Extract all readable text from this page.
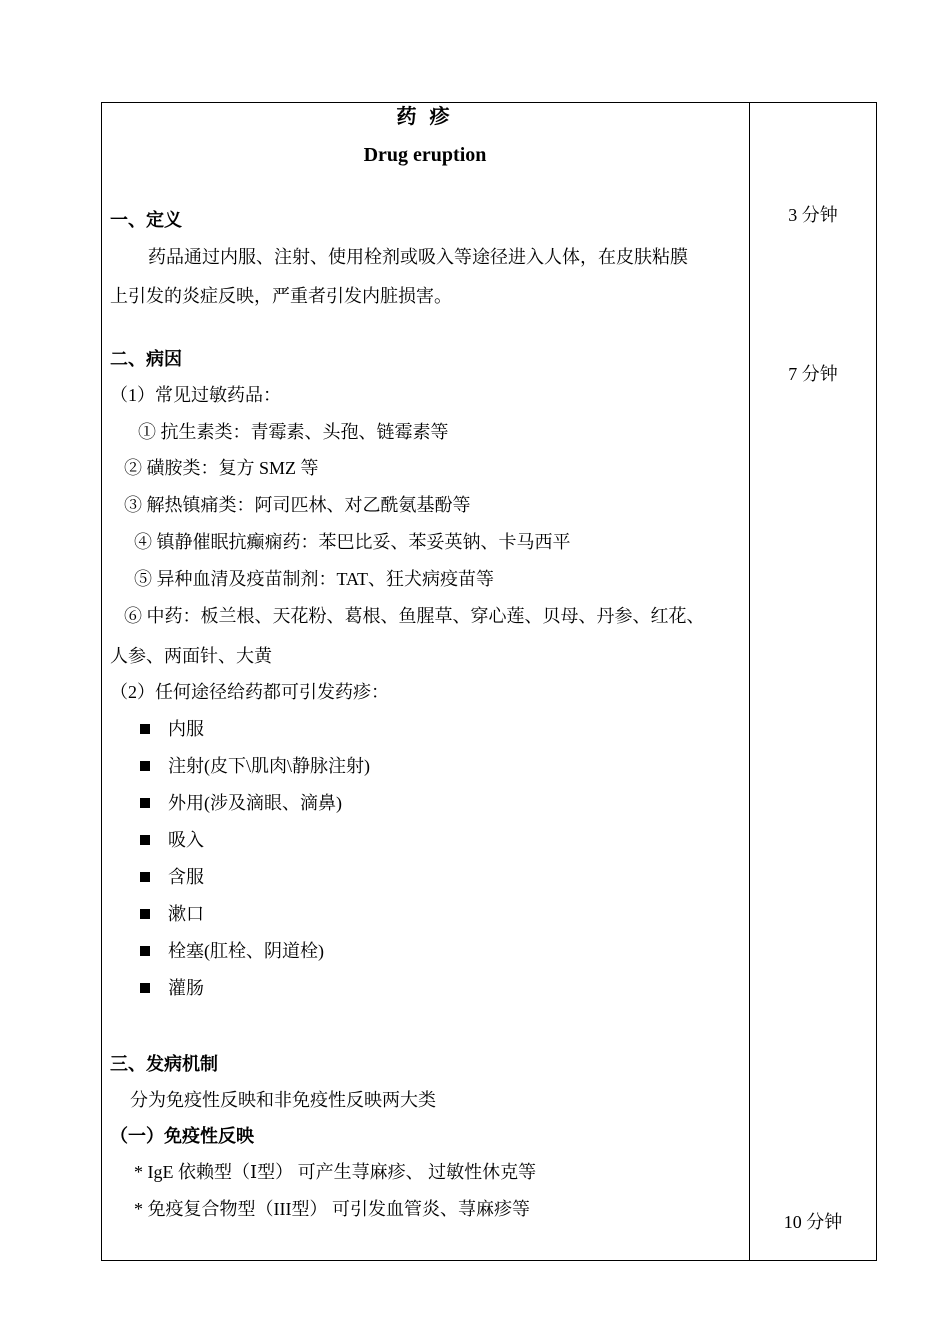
药 疹
Drug eruption
一、定义
药品通过内服、注射、使用栓剂或吸入等途径进入人体，在皮肤粘膜
上引发的炎症反映，严重者引发内脏损害。
二、病因
（1）常见过敏药品：
① 抗生素类：青霉素、头孢、链霉素等
② 磺胺类：复方 SMZ 等
③ 解热镇痛类：阿司匹林、对乙酰氨基酚等
④ 镇静催眠抗癫痫药：苯巴比妥、苯妥英钠、卡马西平
⑤ 异种血清及疫苗制剂：TAT、狂犬病疫苗等
⑥ 中药：板兰根、天花粉、葛根、鱼腥草、穿心莲、贝母、丹参、红花、
人参、两面针、大黄
（2）任何途径给药都可引发药疹：
内服
注射(皮下\肌肉\静脉注射)
外用(涉及滴眼、滴鼻)
吸入
含服
漱口
栓塞(肛栓、阴道栓)
灌肠
三、发病机制
分为免疫性反映和非免疫性反映两大类
（一）免疫性反映
* IgE 依赖型（Ⅰ型） 可产生荨麻疹、 过敏性休克等
* 免疫复合物型（III型） 可引发血管炎、荨麻疹等
3 分钟
7 分钟
10 分钟
